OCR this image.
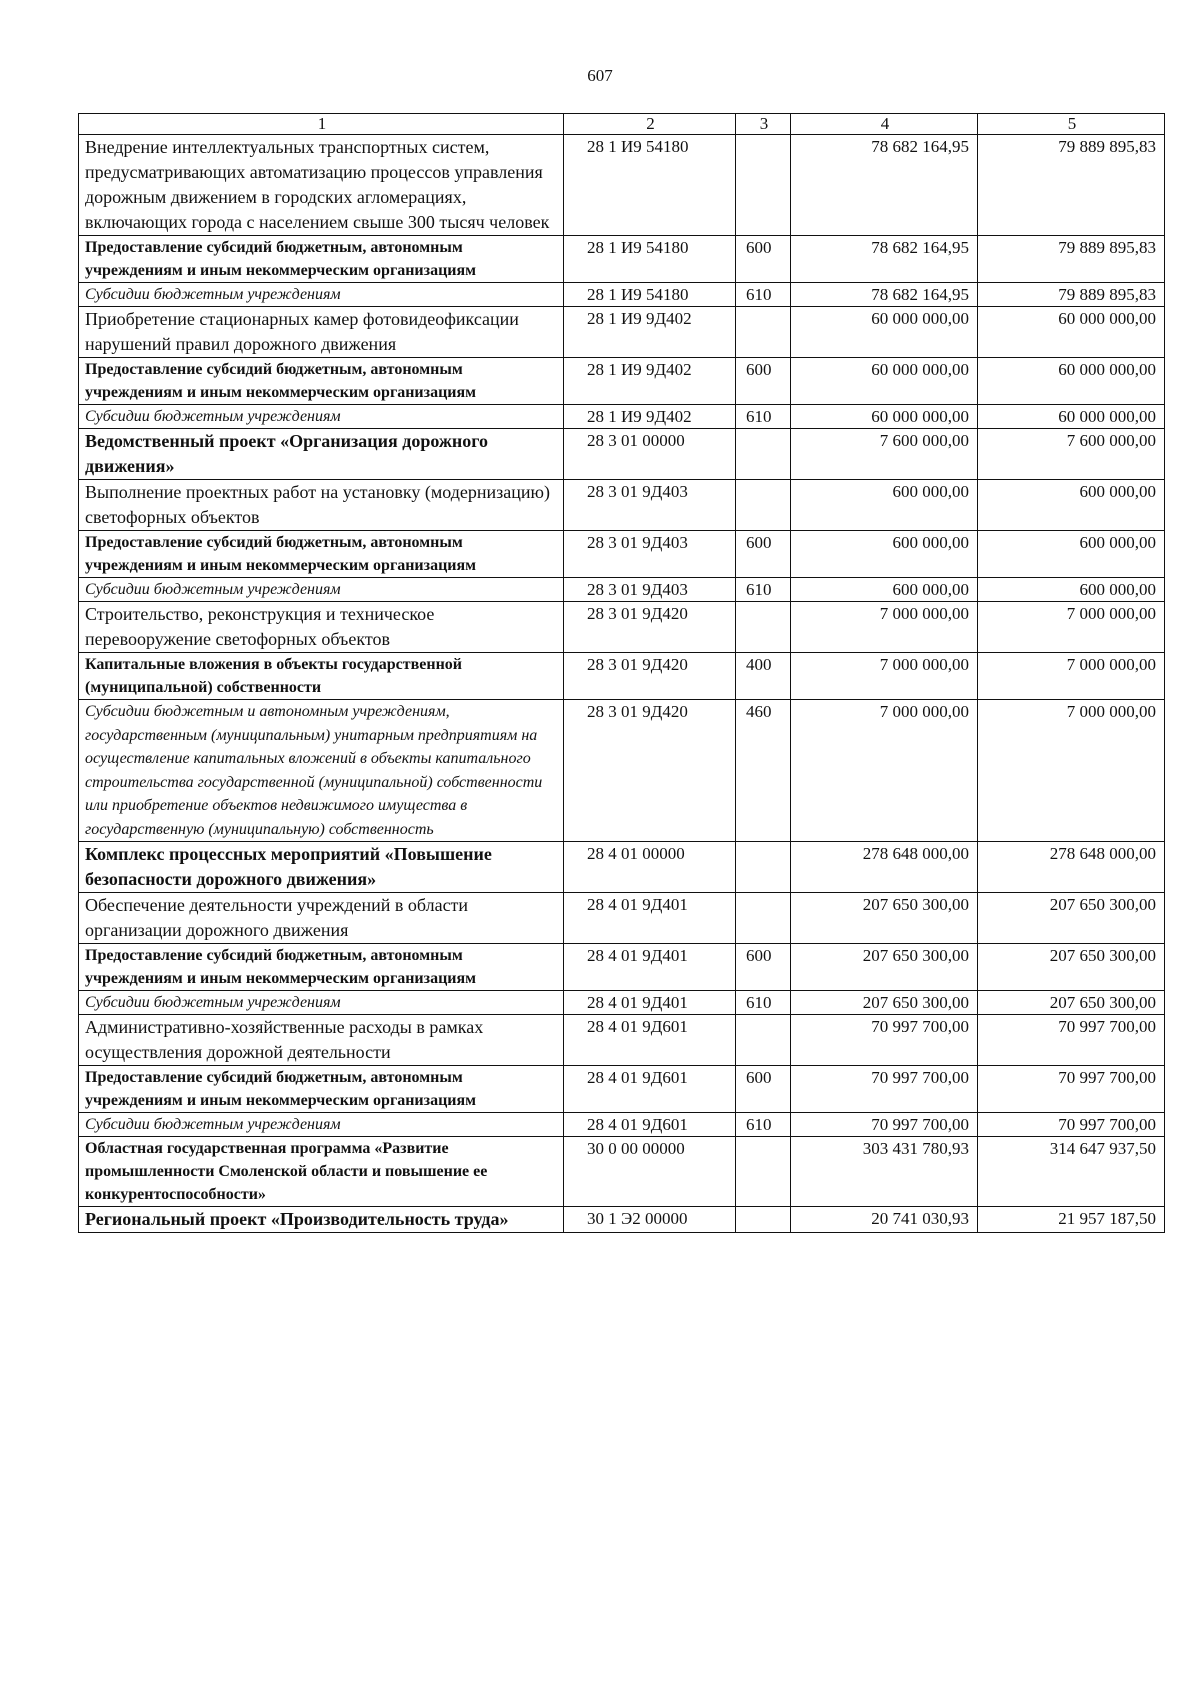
607
1	2	3	4	5
Внедрение интеллектуальных транспортных систем, предусматривающих автоматизацию процессов управления дорожным движением в городских агломерациях, включающих города с населением свыше 300 тысяч человек	28 1 И9 54180		78 682 164,95	79 889 895,83
Предоставление субсидий бюджетным, автономным учреждениям и иным некоммерческим организациям	28 1 И9 54180	600	78 682 164,95	79 889 895,83
Субсидии бюджетным учреждениям	28 1 И9 54180	610	78 682 164,95	79 889 895,83
Приобретение стационарных камер фотовидеофиксации нарушений правил дорожного движения	28 1 И9 9Д402		60 000 000,00	60 000 000,00
Предоставление субсидий бюджетным, автономным учреждениям и иным некоммерческим организациям	28 1 И9 9Д402	600	60 000 000,00	60 000 000,00
Субсидии бюджетным учреждениям	28 1 И9 9Д402	610	60 000 000,00	60 000 000,00
Ведомственный проект «Организация дорожного движения»	28 3 01 00000		7 600 000,00	7 600 000,00
Выполнение проектных работ на установку (модернизацию) светофорных объектов	28 3 01 9Д403		600 000,00	600 000,00
Предоставление субсидий бюджетным, автономным учреждениям и иным некоммерческим организациям	28 3 01 9Д403	600	600 000,00	600 000,00
Субсидии бюджетным учреждениям	28 3 01 9Д403	610	600 000,00	600 000,00
Строительство, реконструкция и техническое перевооружение светофорных объектов	28 3 01 9Д420		7 000 000,00	7 000 000,00
Капитальные вложения в объекты государственной (муниципальной) собственности	28 3 01 9Д420	400	7 000 000,00	7 000 000,00
Субсидии бюджетным и автономным учреждениям, государственным (муниципальным) унитарным предприятиям на осуществление капитальных вложений в объекты капитального строительства государственной (муниципальной) собственности или приобретение объектов недвижимого имущества в государственную (муниципальную) собственность	28 3 01 9Д420	460	7 000 000,00	7 000 000,00
Комплекс процессных мероприятий «Повышение безопасности дорожного движения»	28 4 01 00000		278 648 000,00	278 648 000,00
Обеспечение деятельности учреждений в области организации дорожного движения	28 4 01 9Д401		207 650 300,00	207 650 300,00
Предоставление субсидий бюджетным, автономным учреждениям и иным некоммерческим организациям	28 4 01 9Д401	600	207 650 300,00	207 650 300,00
Субсидии бюджетным учреждениям	28 4 01 9Д401	610	207 650 300,00	207 650 300,00
Административно-хозяйственные расходы в рамках осуществления дорожной деятельности	28 4 01 9Д601		70 997 700,00	70 997 700,00
Предоставление субсидий бюджетным, автономным учреждениям и иным некоммерческим организациям	28 4 01 9Д601	600	70 997 700,00	70 997 700,00
Субсидии бюджетным учреждениям	28 4 01 9Д601	610	70 997 700,00	70 997 700,00
Областная государственная программа «Развитие промышленности Смоленской области и повышение ее конкурентоспособности»	30 0 00 00000		303 431 780,93	314 647 937,50
Региональный проект «Производительность труда»	30 1 Э2 00000		20 741 030,93	21 957 187,50
